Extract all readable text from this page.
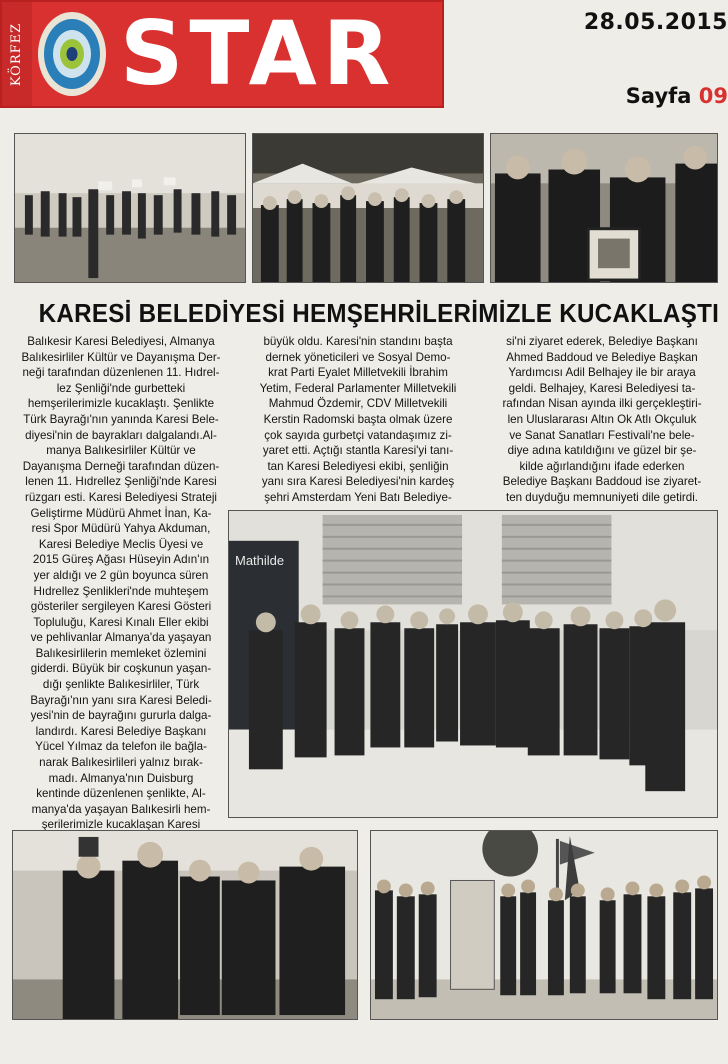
KÖRFEZ STAR	28.05.2015
Sayfa 09
KARESİ BELEDİYESİ HEMŞEHRİLERİMİZLE KUCAKLAŞTI

Balıkesir Karesi Belediyesi, Almanya

Balıkesirliler Kültür ve Dayanışma Der-

neği tarafından düzenlenen 11. Hıdrel-

lez Şenliği'nde gurbetteki

hemşerilerimizle kucaklaştı. Şenlikte

Türk Bayrağı'nın yanında Karesi Bele-

diyesi'nin de bayrakları dalgalandı.Al-

manya Balıkesirliler Kültür ve

Dayanışma Derneği tarafından düzen-

lenen 11. Hıdrellez Şenliği'nde Karesi

rüzgarı esti. Karesi Belediyesi Strateji

Geliştirme Müdürü Ahmet İnan, Ka-

resi Spor Müdürü Yahya Akduman,

Karesi Belediye Meclis Üyesi ve

2015 Güreş Ağası Hüseyin Adın'ın

yer aldığı ve 2 gün boyunca süren

Hıdrellez Şenlikleri'nde muhteşem

gösteriler sergileyen Karesi Gösteri

Topluluğu, Karesi Kınalı Eller ekibi

ve pehlivanlar Almanya'da yaşayan

Balıkesirlilerin memleket özlemini

giderdi. Büyük bir coşkunun yaşan-

dığı şenlikte Balıkesirliler, Türk

Bayrağı'nın yanı sıra Karesi Beledi-

yesi'nin de bayrağını gururla dalga-

landırdı. Karesi Belediye Başkanı

Yücel Yılmaz da telefon ile bağla-

narak Balıkesirlileri yalnız bırak-

madı. Almanya'nın Duisburg

kentinde düzenlenen şenlikte, Al-

manya'da yaşayan Balıkesirli hem-

şerilerimizle kucaklaşan Karesi

büyük oldu. Karesi'nin standını başta

dernek yöneticileri ve Sosyal Demo-

krat Parti Eyalet Milletvekili İbrahim

Yetim, Federal Parlamenter Milletvekili

Mahmud Özdemir, CDV Milletvekili

Kerstin Radomski başta olmak üzere

çok sayıda gurbetçi vatandaşımız zi-

yaret etti. Açtığı stantla Karesi'yi tanı-

tan Karesi Belediyesi ekibi, şenliğin

yanı sıra Karesi Belediyesi'nin kardeş

şehri Amsterdam Yeni Batı Belediye-

si'ni ziyaret ederek, Belediye Başkanı

Ahmed Baddoud ve Belediye Başkan

Yardımcısı Adil Belhajey ile bir araya

geldi. Belhajey, Karesi Belediyesi ta-

rafından Nisan ayında ilki gerçekleştiri-

len Uluslararası Altın Ok Atlı Okçuluk

ve Sanat Sanatları Festivali'ne bele-

diye adına katıldığını ve güzel bir şe-

kilde ağırlandığını ifade ederken

Belediye Başkanı Baddoud ise ziyaret-

ten duyduğu memnuniyeti dile getirdi.

Mathilde
